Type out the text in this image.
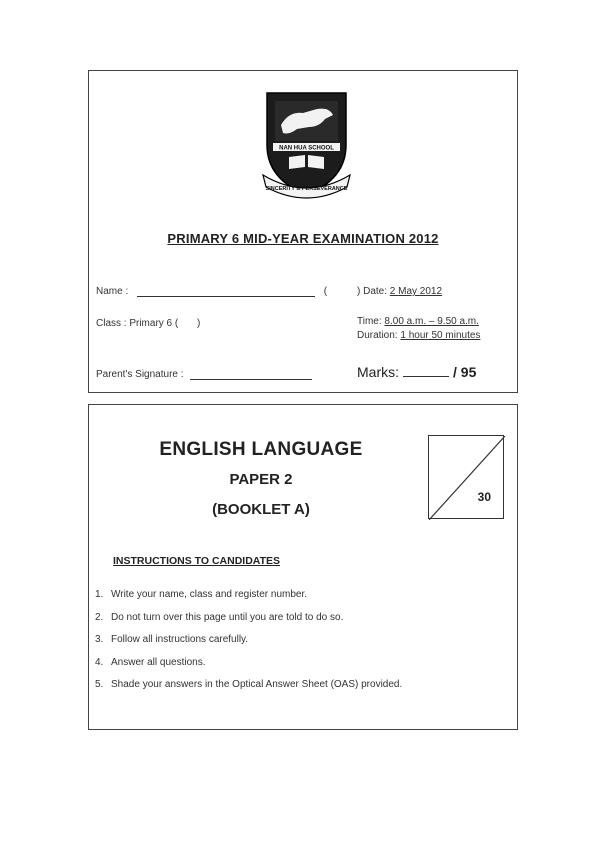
NAN HUA SCHOOL
SINCERITY & PERSEVERANCE
PRIMARY 6 MID-YEAR EXAMINATION 2012
Name :	(	) Date: 2 May 2012
Class : Primary 6 ( )	Time: 8.00 a.m. – 9.50 a.m.
Duration: 1 hour 50 minutes
Parent's Signature :	Marks:	/ 95
ENGLISH LANGUAGE
PAPER 2
(BOOKLET A)
30
INSTRUCTIONS TO CANDIDATES
1. Write your name, class and register number.
2. Do not turn over this page until you are told to do so.
3. Follow all instructions carefully.
4. Answer all questions.
5. Shade your answers in the Optical Answer Sheet (OAS) provided.
